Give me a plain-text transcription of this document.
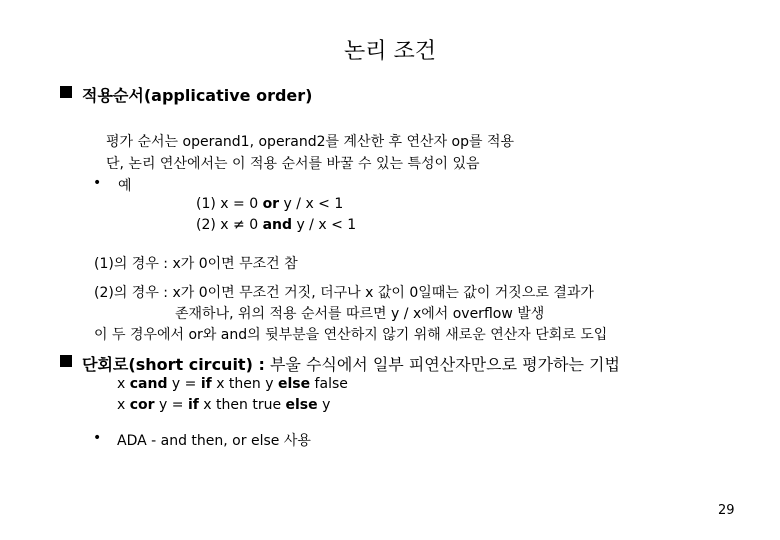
논리 조건
적용순서(applicative order)
평가 순서는 operand1, operand2를 계산한 후 연산자 op를 적용
단, 논리 연산에서는 이 적용 순서를 바꿀 수 있는 특성이 있음
• 예
(1) x = 0 or y / x < 1
(2) x ≠ 0 and y / x < 1
(1)의 경우 : x가 0이면 무조건 참
(2)의 경우 : x가 0이면 무조건 거짓, 더구나 x 값이 0일때는 값이 거짓으로 결과가
존재하나, 위의 적용 순서를 따르면 y / x에서 overflow 발생
이 두 경우에서 or와 and의 뒷부분을 연산하지 않기 위해 새로운 연산자 단회로 도입
단회로(short circuit) : 부울 수식에서 일부 피연산자만으로 평가하는 기법
x cand y = if x then y else false
x cor y = if x then true else y
• ADA - and then, or else 사용
29
